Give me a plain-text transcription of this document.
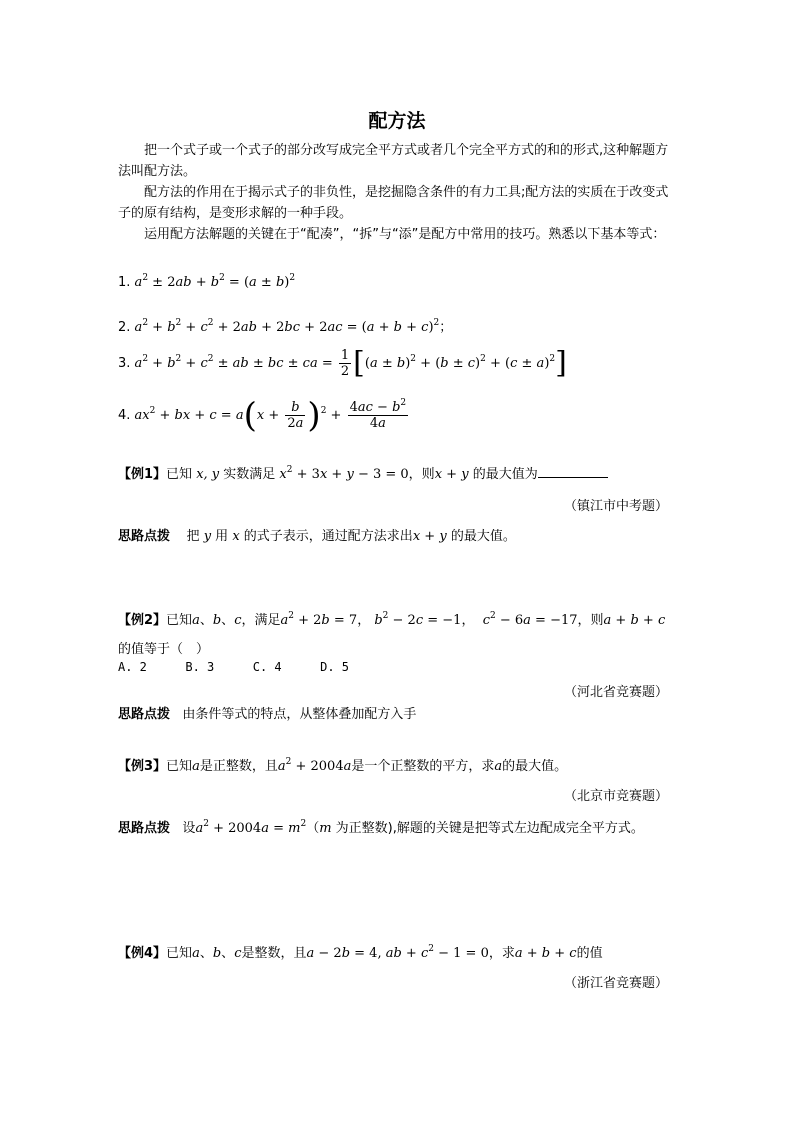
配方法
把一个式子或一个式子的部分改写成完全平方式或者几个完全平方式的和的形式,这种解题方法叫配方法。
配方法的作用在于揭示式子的非负性，是挖掘隐含条件的有力工具;配方法的实质在于改变式子的原有结构，是变形求解的一种手段。
运用配方法解题的关键在于“配凑”，“拆”与“添”是配方中常用的技巧。熟悉以下基本等式：
1. $a^2 \pm 2ab + b^2 = (a \pm b)^2$
2. $a^2 + b^2 + c^2 + 2ab + 2bc + 2ac = (a + b + c)^2$；
3. $a^2 + b^2 + c^2$ ± ab ± bc ± ca = $\frac{1}{2} [(a \pm b)^2 + (b \pm c)^2 + (c \pm a)^2]$
4. $ax^2$ + bx + $c = a(x + \frac{b}{2a} )^2 + \frac{4ac - b^2}{4a}$
【例1】已知 x, y 实数满足 $x^2 + 3x + y - 3 = 0$，则x + y 的最大值为
（镇江市中考题）
思路点拨 把 y 用 x 的式子表示，通过配方法求出x + y 的最大值。
【例2】已知a、b、c，满足$a^2 + 2b = 7$， $b^2 - 2c = -1$，  $c^2 - 6a = -17$，则a + b + c
的值等于（　）
A. 2	B. 3	C. 4	D. 5
（河北省竞赛题）
思路点拨 由条件等式的特点，从整体叠加配方入手
【例3】已知a是正整数，且$a^2 + 2004a$是一个正整数的平方，求a的最大值。
（北京市竞赛题）
思路点拨 设$a^2 + 2004a = m^2(m$ 为正整数),解题的关键是把等式左边配成完全平方式。
【例4】已知a、b、c是整数，且a − 2b = 4, ab + $c^2 - 1 = 0$，求a + b + c的值
（浙江省竞赛题）
